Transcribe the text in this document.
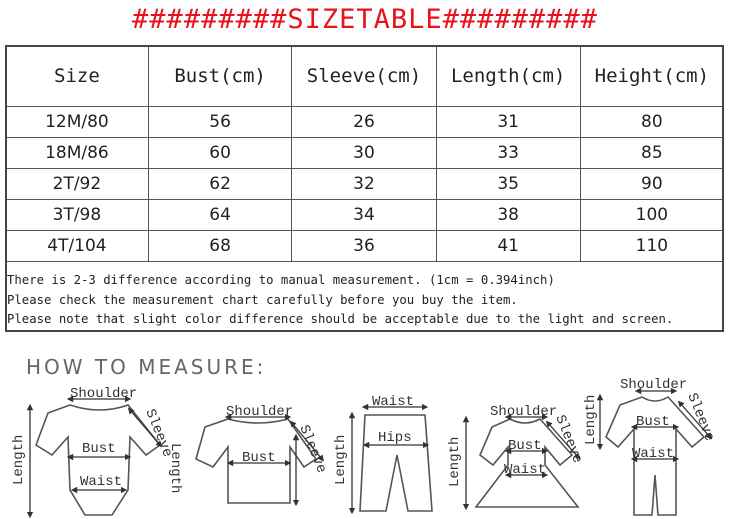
#########SIZETABLE#########
Size	Bust(cm)	Sleeve(cm)	Length(cm)	Height(cm)
12M/80	56	26	31	80
18M/86	60	30	33	85
2T/92	62	32	35	90
3T/98	64	34	38	100
4T/104	68	36	41	110
There is 2-3 difference according to manual measurement. (1cm = 0.394inch)
Please check the measurement chart carefully before you buy the item.
Please note that slight color difference should be acceptable due to the light and screen.
HOW TO MEASURE:
Shoulder
Bust
Waist
Length
Sleeve	Shoulder
Bust Sleeve
Length
Waist
Hips
Length
Shoulder
Bust
Waist
Length	Sleeve
Shoulder
Bust
Waist
Length	Sleeve
